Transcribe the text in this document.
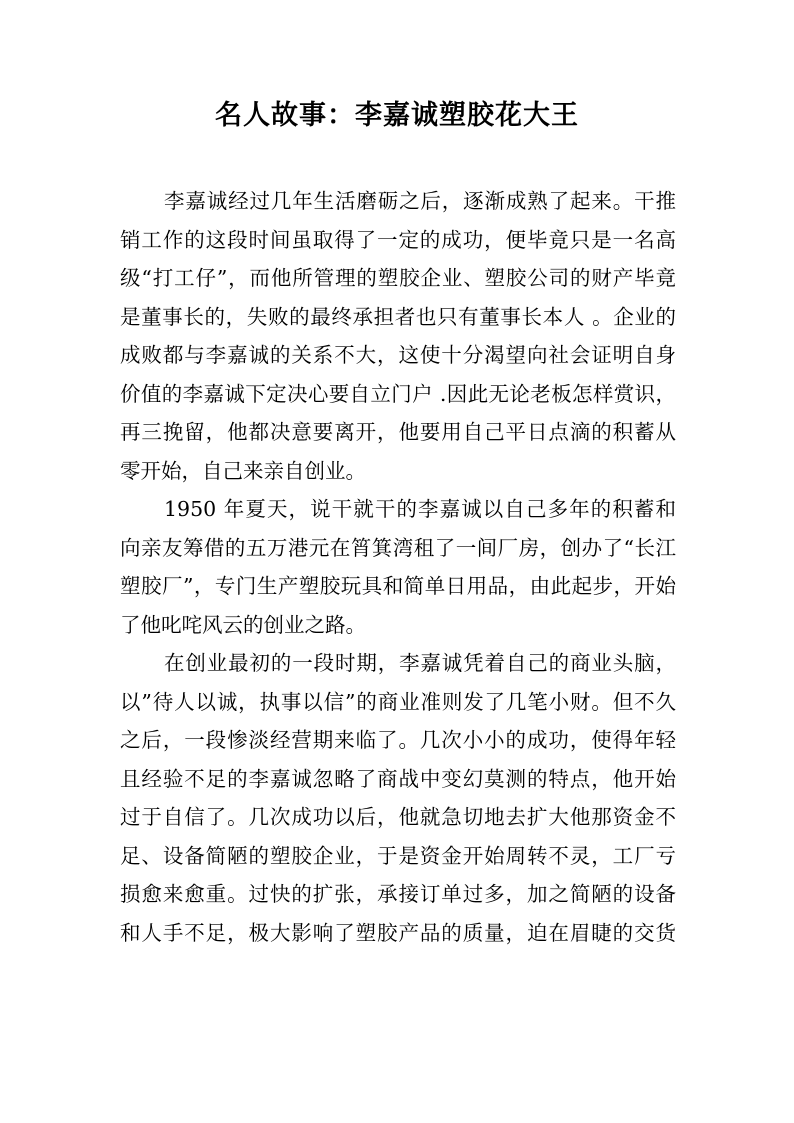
名人故事：李嘉诚塑胶花大王
李嘉诚经过几年生活磨砺之后，逐渐成熟了起来。干推
销工作的这段时间虽取得了一定的成功，便毕竟只是一名高
级“打工仔”，而他所管理的塑胶企业、塑胶公司的财产毕竟
是董事长的，失败的最终承担者也只有董事长本人 。企业的
成败都与李嘉诚的关系不大，这使十分渴望向社会证明自身
价值的李嘉诚下定决心要自立门户 .因此无论老板怎样赏识，
再三挽留，他都决意要离开，他要用自己平日点滴的积蓄从
零开始，自己来亲自创业。
1950 年夏天，说干就干的李嘉诚以自己多年的积蓄和
向亲友筹借的五万港元在筲箕湾租了一间厂房，创办了“长江
塑胶厂”，专门生产塑胶玩具和简单日用品，由此起步，开始
了他叱咤风云的创业之路。
在创业最初的一段时期，李嘉诚凭着自己的商业头脑，
以”待人以诚，执事以信”的商业准则发了几笔小财。但不久
之后，一段惨淡经营期来临了。几次小小的成功，使得年轻
且经验不足的李嘉诚忽略了商战中变幻莫测的特点，他开始
过于自信了。几次成功以后，他就急切地去扩大他那资金不
足、设备简陋的塑胶企业，于是资金开始周转不灵，工厂亏
损愈来愈重。过快的扩张，承接订单过多，加之简陋的设备
和人手不足，极大影响了塑胶产品的质量，迫在眉睫的交货
